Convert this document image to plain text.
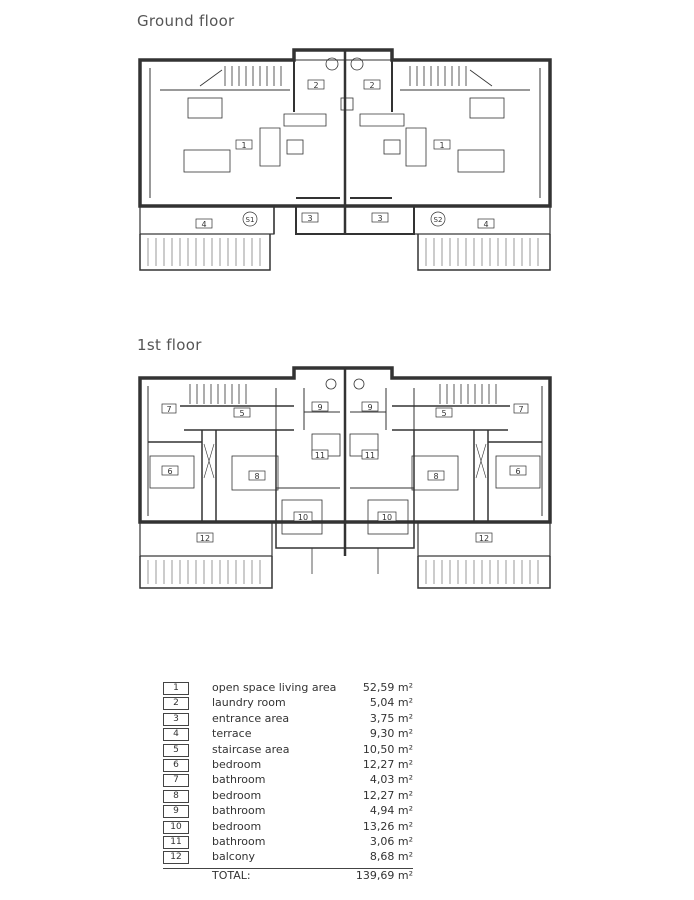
Ground floor
1st floor
1	1
2	2
3	3
4	4
S1	S2
5	5
6	6
7	7
8	8
9	9
10	10
11	11
12	12
1	open space living area 52,59 m²
2	laundry room	5,04 m²
3	entrance area	3,75 m²
4	terrace	9,30 m²
5	staircase area	10,50 m²
6	bedroom	12,27 m²
7	bathroom	4,03 m²
8	bedroom	12,27 m²
9	bathroom	4,94 m²
10	bedroom	13,26 m²
11	bathroom	3,06 m²
12	balcony	8,68 m²
TOTAL:	139,69 m²
